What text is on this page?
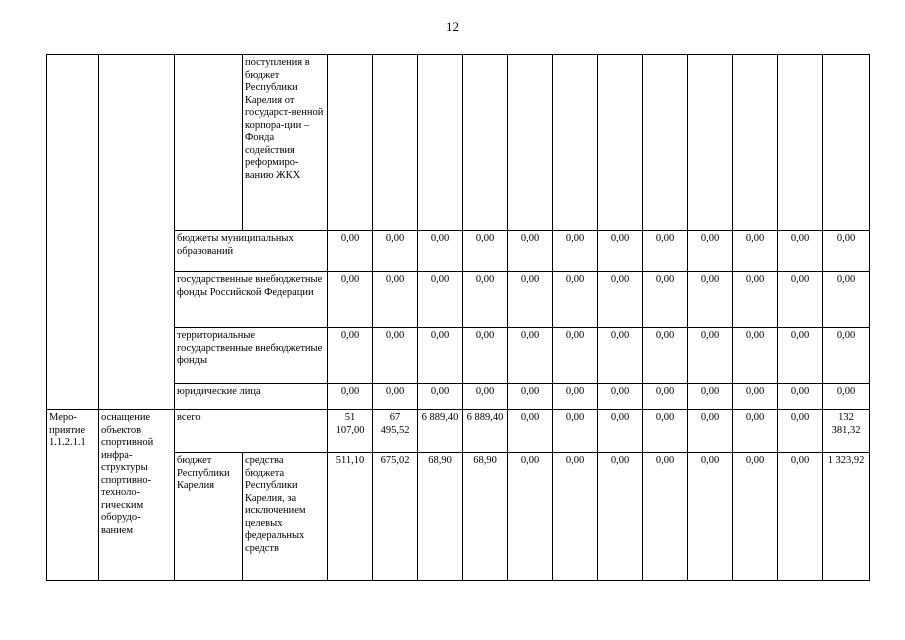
12
			поступления в бюджет Республики Карелия от государст-венной корпора-ции – Фонда содействия реформиро-ванию ЖКХ												
		бюджеты муниципальных образований		0,00	0,00	0,00	0,00	0,00	0,00	0,00	0,00	0,00	0,00	0,00	0,00
		государственные внебюджетные фонды Российской Федерации		0,00	0,00	0,00	0,00	0,00	0,00	0,00	0,00	0,00	0,00	0,00	0,00
		территориальные государственные внебюджетные фонды		0,00	0,00	0,00	0,00	0,00	0,00	0,00	0,00	0,00	0,00	0,00	0,00
		юридические лица		0,00	0,00	0,00	0,00	0,00	0,00	0,00	0,00	0,00	0,00	0,00	0,00
Меро-приятие 1.1.2.1.1	оснащение объектов спортивной инфра-структуры спортивно-техноло-гическим оборудо-ванием	всего		51 107,00	67 495,52	6 889,40	6 889,40	0,00	0,00	0,00	0,00	0,00	0,00	0,00	132 381,32
		бюджет Республики Карелия	средства бюджета Республики Карелия, за исключением целевых федеральных средств	511,10	675,02	68,90	68,90	0,00	0,00	0,00	0,00	0,00	0,00	0,00	1 323,92
